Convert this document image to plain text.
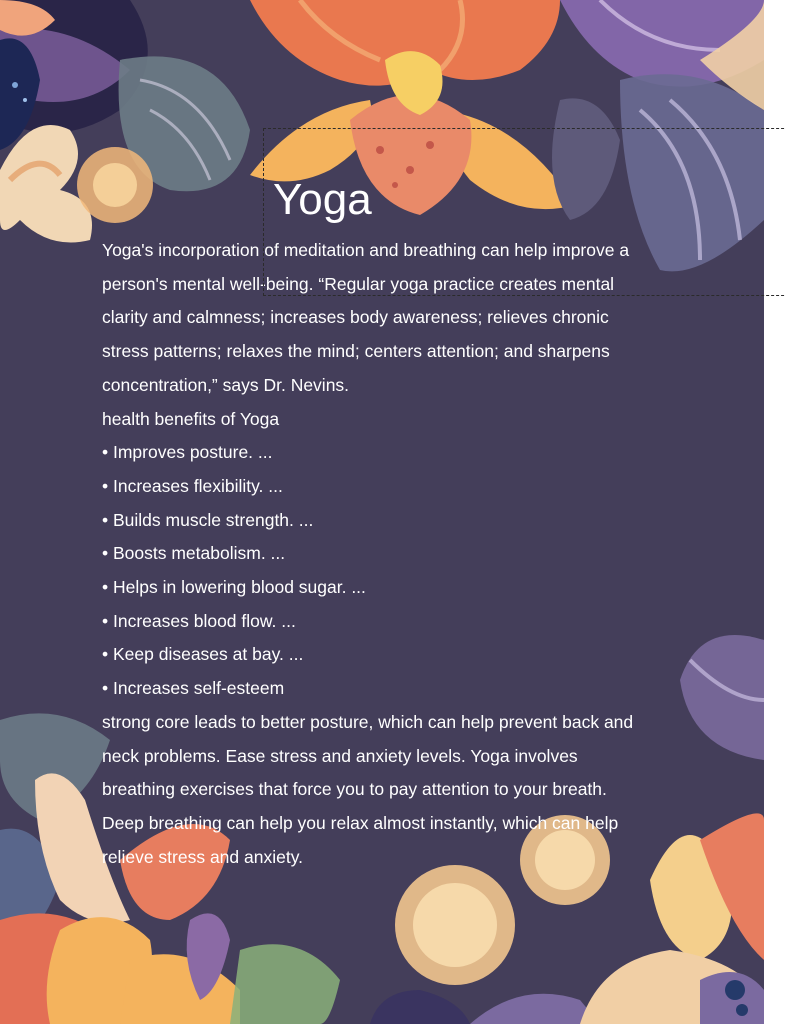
Yoga

Yoga's incorporation of meditation and breathing can help improve a

person's mental well-being. “Regular yoga practice creates mental

clarity and calmness; increases body awareness; relieves chronic

stress patterns; relaxes the mind; centers attention; and sharpens

concentration,” says Dr. Nevins.

health benefits of Yoga

• Improves posture. ...

• Increases flexibility. ...

• Builds muscle strength. ...

• Boosts metabolism. ...

• Helps in lowering blood sugar. ...

• Increases blood flow. ...

• Keep diseases at bay. ...

• Increases self-esteem

strong core leads to better posture, which can help prevent back and

neck problems. Ease stress and anxiety levels. Yoga involves

breathing exercises that force you to pay attention to your breath.

Deep breathing can help you relax almost instantly, which can help

relieve stress and anxiety.
